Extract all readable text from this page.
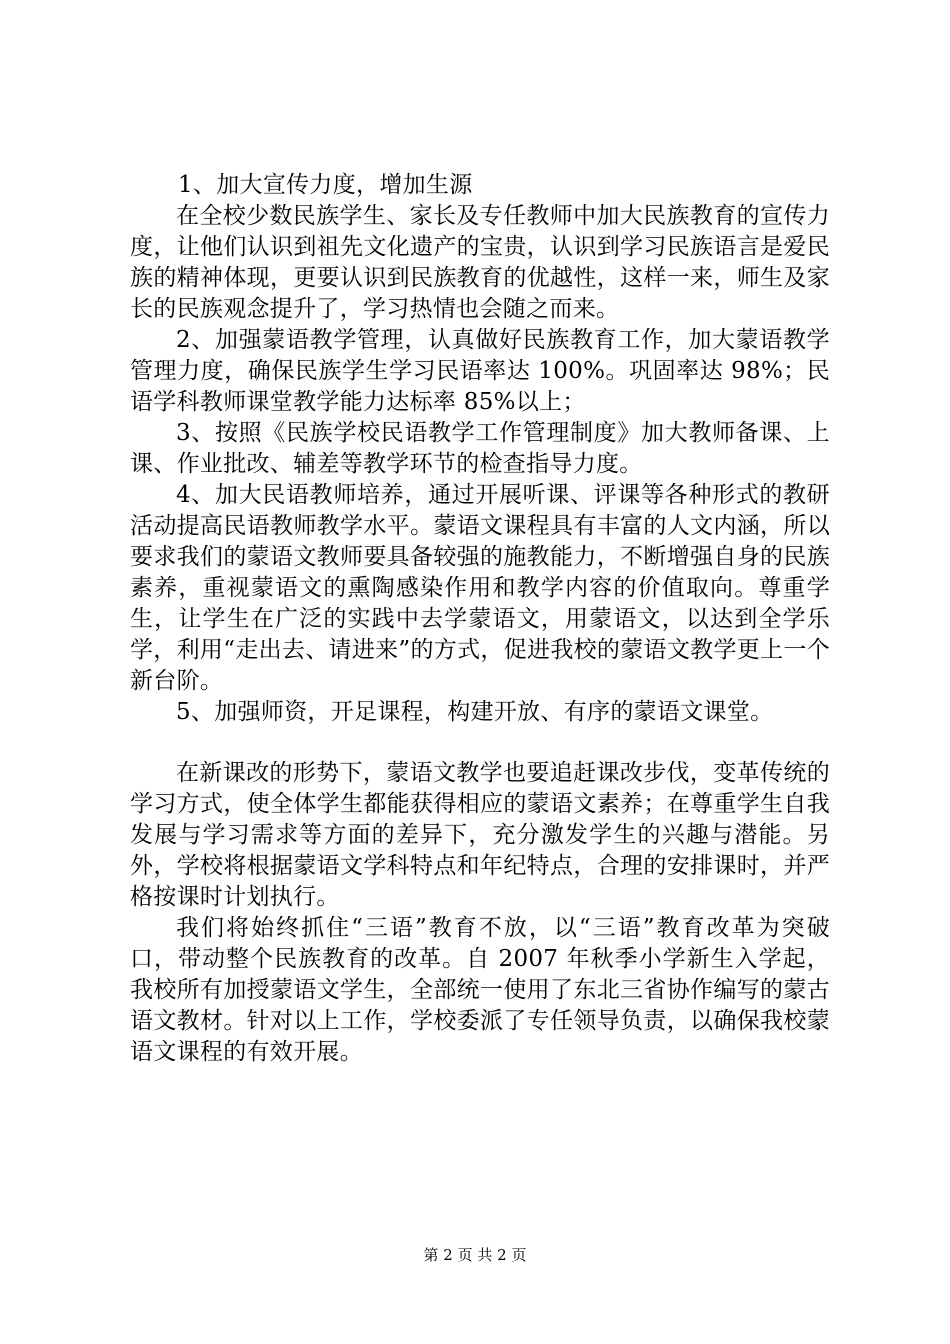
1、加大宣传力度，增加生源

在全校少数民族学生、家长及专任教师中加大民族教育的宣传力度，让他们认识到祖先文化遗产的宝贵，认识到学习民族语言是爱民族的精神体现，更要认识到民族教育的优越性，这样一来，师生及家长的民族观念提升了，学习热情也会随之而来。

2、加强蒙语教学管理，认真做好民族教育工作，加大蒙语教学管理力度，确保民族学生学习民语率达 100%。巩固率达 98%；民语学科教师课堂教学能力达标率 85%以上；

3、按照《民族学校民语教学工作管理制度》加大教师备课、上课、作业批改、辅差等教学环节的检查指导力度。

4、加大民语教师培养，通过开展听课、评课等各种形式的教研活动提高民语教师教学水平。蒙语文课程具有丰富的人文内涵，所以要求我们的蒙语文教师要具备较强的施教能力，不断增强自身的民族素养，重视蒙语文的熏陶感染作用和教学内容的价值取向。尊重学生，让学生在广泛的实践中去学蒙语文，用蒙语文，以达到全学乐学，利用“走出去、请进来”的方式，促进我校的蒙语文教学更上一个新台阶。

5、加强师资，开足课程，构建开放、有序的蒙语文课堂。

在新课改的形势下，蒙语文教学也要追赶课改步伐，变革传统的学习方式，使全体学生都能获得相应的蒙语文素养；在尊重学生自我发展与学习需求等方面的差异下，充分激发学生的兴趣与潜能。另外，学校将根据蒙语文学科特点和年纪特点，合理的安排课时，并严格按课时计划执行。

我们将始终抓住“三语”教育不放，以“三语”教育改革为突破口，带动整个民族教育的改革。自 2007 年秋季小学新生入学起，我校所有加授蒙语文学生，全部统一使用了东北三省协作编写的蒙古语文教材。针对以上工作，学校委派了专任领导负责，以确保我校蒙语文课程的有效开展。

第 2 页 共 2 页
